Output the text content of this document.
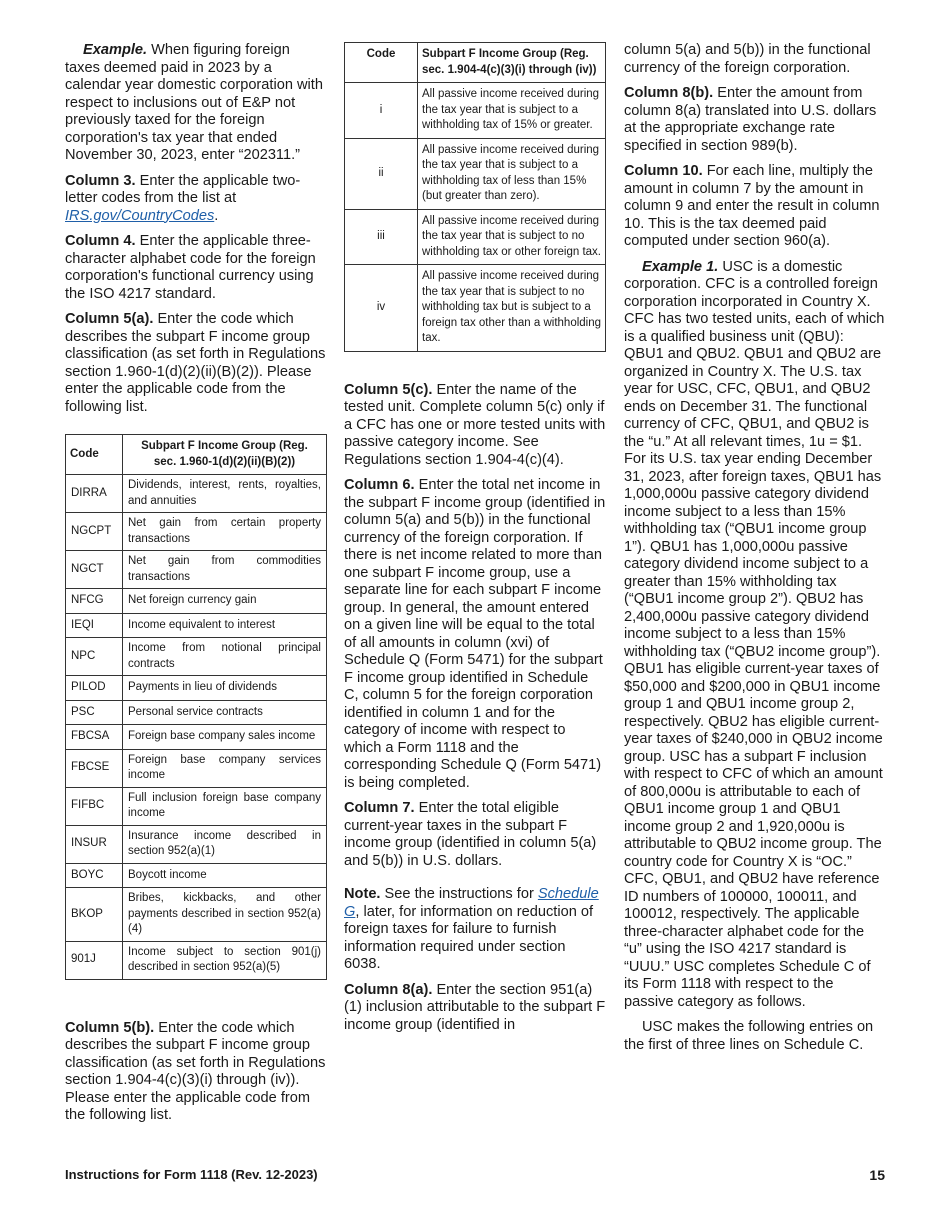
Example. When figuring foreign taxes deemed paid in 2023 by a calendar year domestic corporation with respect to inclusions out of E&P not previously taxed for the foreign corporation's tax year that ended November 30, 2023, enter “202311.”

Column 3. Enter the applicable two-letter codes from the list at IRS.gov/CountryCodes.

Column 4. Enter the applicable three-character alphabet code for the foreign corporation's functional currency using the ISO 4217 standard.

Column 5(a). Enter the code which describes the subpart F income group classification (as set forth in Regulations section 1.960-1(d)(2)(ii)(B)(2)). Please enter the applicable code from the following list.

Code	Subpart F Income Group (Reg. sec. 1.960-1(d)(2)(ii)(B)(2))
DIRRA	Dividends, interest, rents, royalties, and annuities
NGCPT	Net gain from certain property transactions
NGCT	Net gain from commodities transactions
NFCG	Net foreign currency gain
IEQI	Income equivalent to interest
NPC	Income from notional principal contracts
PILOD	Payments in lieu of dividends
PSC	Personal service contracts
FBCSA	Foreign base company sales income
FBCSE	Foreign base company services income
FIFBC	Full inclusion foreign base company income
INSUR	Insurance income described in section 952(a)(1)
BOYC	Boycott income
BKOP	Bribes, kickbacks, and other payments described in section 952(a)(4)
901J	Income subject to section 901(j) described in section 952(a)(5)

Column 5(b). Enter the code which describes the subpart F income group classification (as set forth in Regulations section 1.904-4(c)(3)(i) through (iv)). Please enter the applicable code from the following list.

Code	Subpart F Income Group (Reg. sec. 1.904-4(c)(3)(i) through (iv))
i	All passive income received during the tax year that is subject to a withholding tax of 15% or greater.
ii	All passive income received during the tax year that is subject to a withholding tax of less than 15% (but greater than zero).
iii	All passive income received during the tax year that is subject to no withholding tax or other foreign tax.
iv	All passive income received during the tax year that is subject to no withholding tax but is subject to a foreign tax other than a withholding tax.

Column 5(c). Enter the name of the tested unit. Complete column 5(c) only if a CFC has one or more tested units with passive category income. See Regulations section 1.904-4(c)(4).

Column 6. Enter the total net income in the subpart F income group (identified in column 5(a) and 5(b)) in the functional currency of the foreign corporation. If there is net income related to more than one subpart F income group, use a separate line for each subpart F income group. In general, the amount entered on a given line will be equal to the total of all amounts in column (xvi) of Schedule Q (Form 5471) for the subpart F income group identified in Schedule C, column 5 for the foreign corporation identified in column 1 and for the category of income with respect to which a Form 1118 and the corresponding Schedule Q (Form 5471) is being completed.

Column 7. Enter the total eligible current-year taxes in the subpart F income group (identified in column 5(a) and 5(b)) in U.S. dollars.

Note. See the instructions for Schedule G, later, for information on reduction of foreign taxes for failure to furnish information required under section 6038.

Column 8(a). Enter the section 951(a)(1) inclusion attributable to the subpart F income group (identified in

column 5(a) and 5(b)) in the functional currency of the foreign corporation.

Column 8(b). Enter the amount from column 8(a) translated into U.S. dollars at the appropriate exchange rate specified in section 989(b).

Column 10. For each line, multiply the amount in column 7 by the amount in column 9 and enter the result in column 10. This is the tax deemed paid computed under section 960(a).

Example 1. USC is a domestic corporation. CFC is a controlled foreign corporation incorporated in Country X. CFC has two tested units, each of which is a qualified business unit (QBU): QBU1 and QBU2. QBU1 and QBU2 are organized in Country X. The U.S. tax year for USC, CFC, QBU1, and QBU2 ends on December 31. The functional currency of CFC, QBU1, and QBU2 is the “u.” At all relevant times, 1u = $1. For its U.S. tax year ending December 31, 2023, after foreign taxes, QBU1 has 1,000,000u passive category dividend income subject to a less than 15% withholding tax (“QBU1 income group 1”). QBU1 has 1,000,000u passive category dividend income subject to a greater than 15% withholding tax (“QBU1 income group 2”). QBU2 has 2,400,000u passive category dividend income subject to a less than 15% withholding tax (“QBU2 income group”). QBU1 has eligible current-year taxes of $50,000 and $200,000 in QBU1 income group 1 and QBU1 income group 2, respectively. QBU2 has eligible current-year taxes of $240,000 in QBU2 income group. USC has a subpart F inclusion with respect to CFC of which an amount of 800,000u is attributable to each of QBU1 income group 1 and QBU1 income group 2 and 1,920,000u is attributable to QBU2 income group. The country code for Country X is “OC.” CFC, QBU1, and QBU2 have reference ID numbers of 100000, 100011, and 100012, respectively. The applicable three-character alphabet code for the “u” using the ISO 4217 standard is “UUU.” USC completes Schedule C of its Form 1118 with respect to the passive category as follows.

USC makes the following entries on the first of three lines on Schedule C.

Instructions for Form 1118 (Rev. 12-2023)	15
